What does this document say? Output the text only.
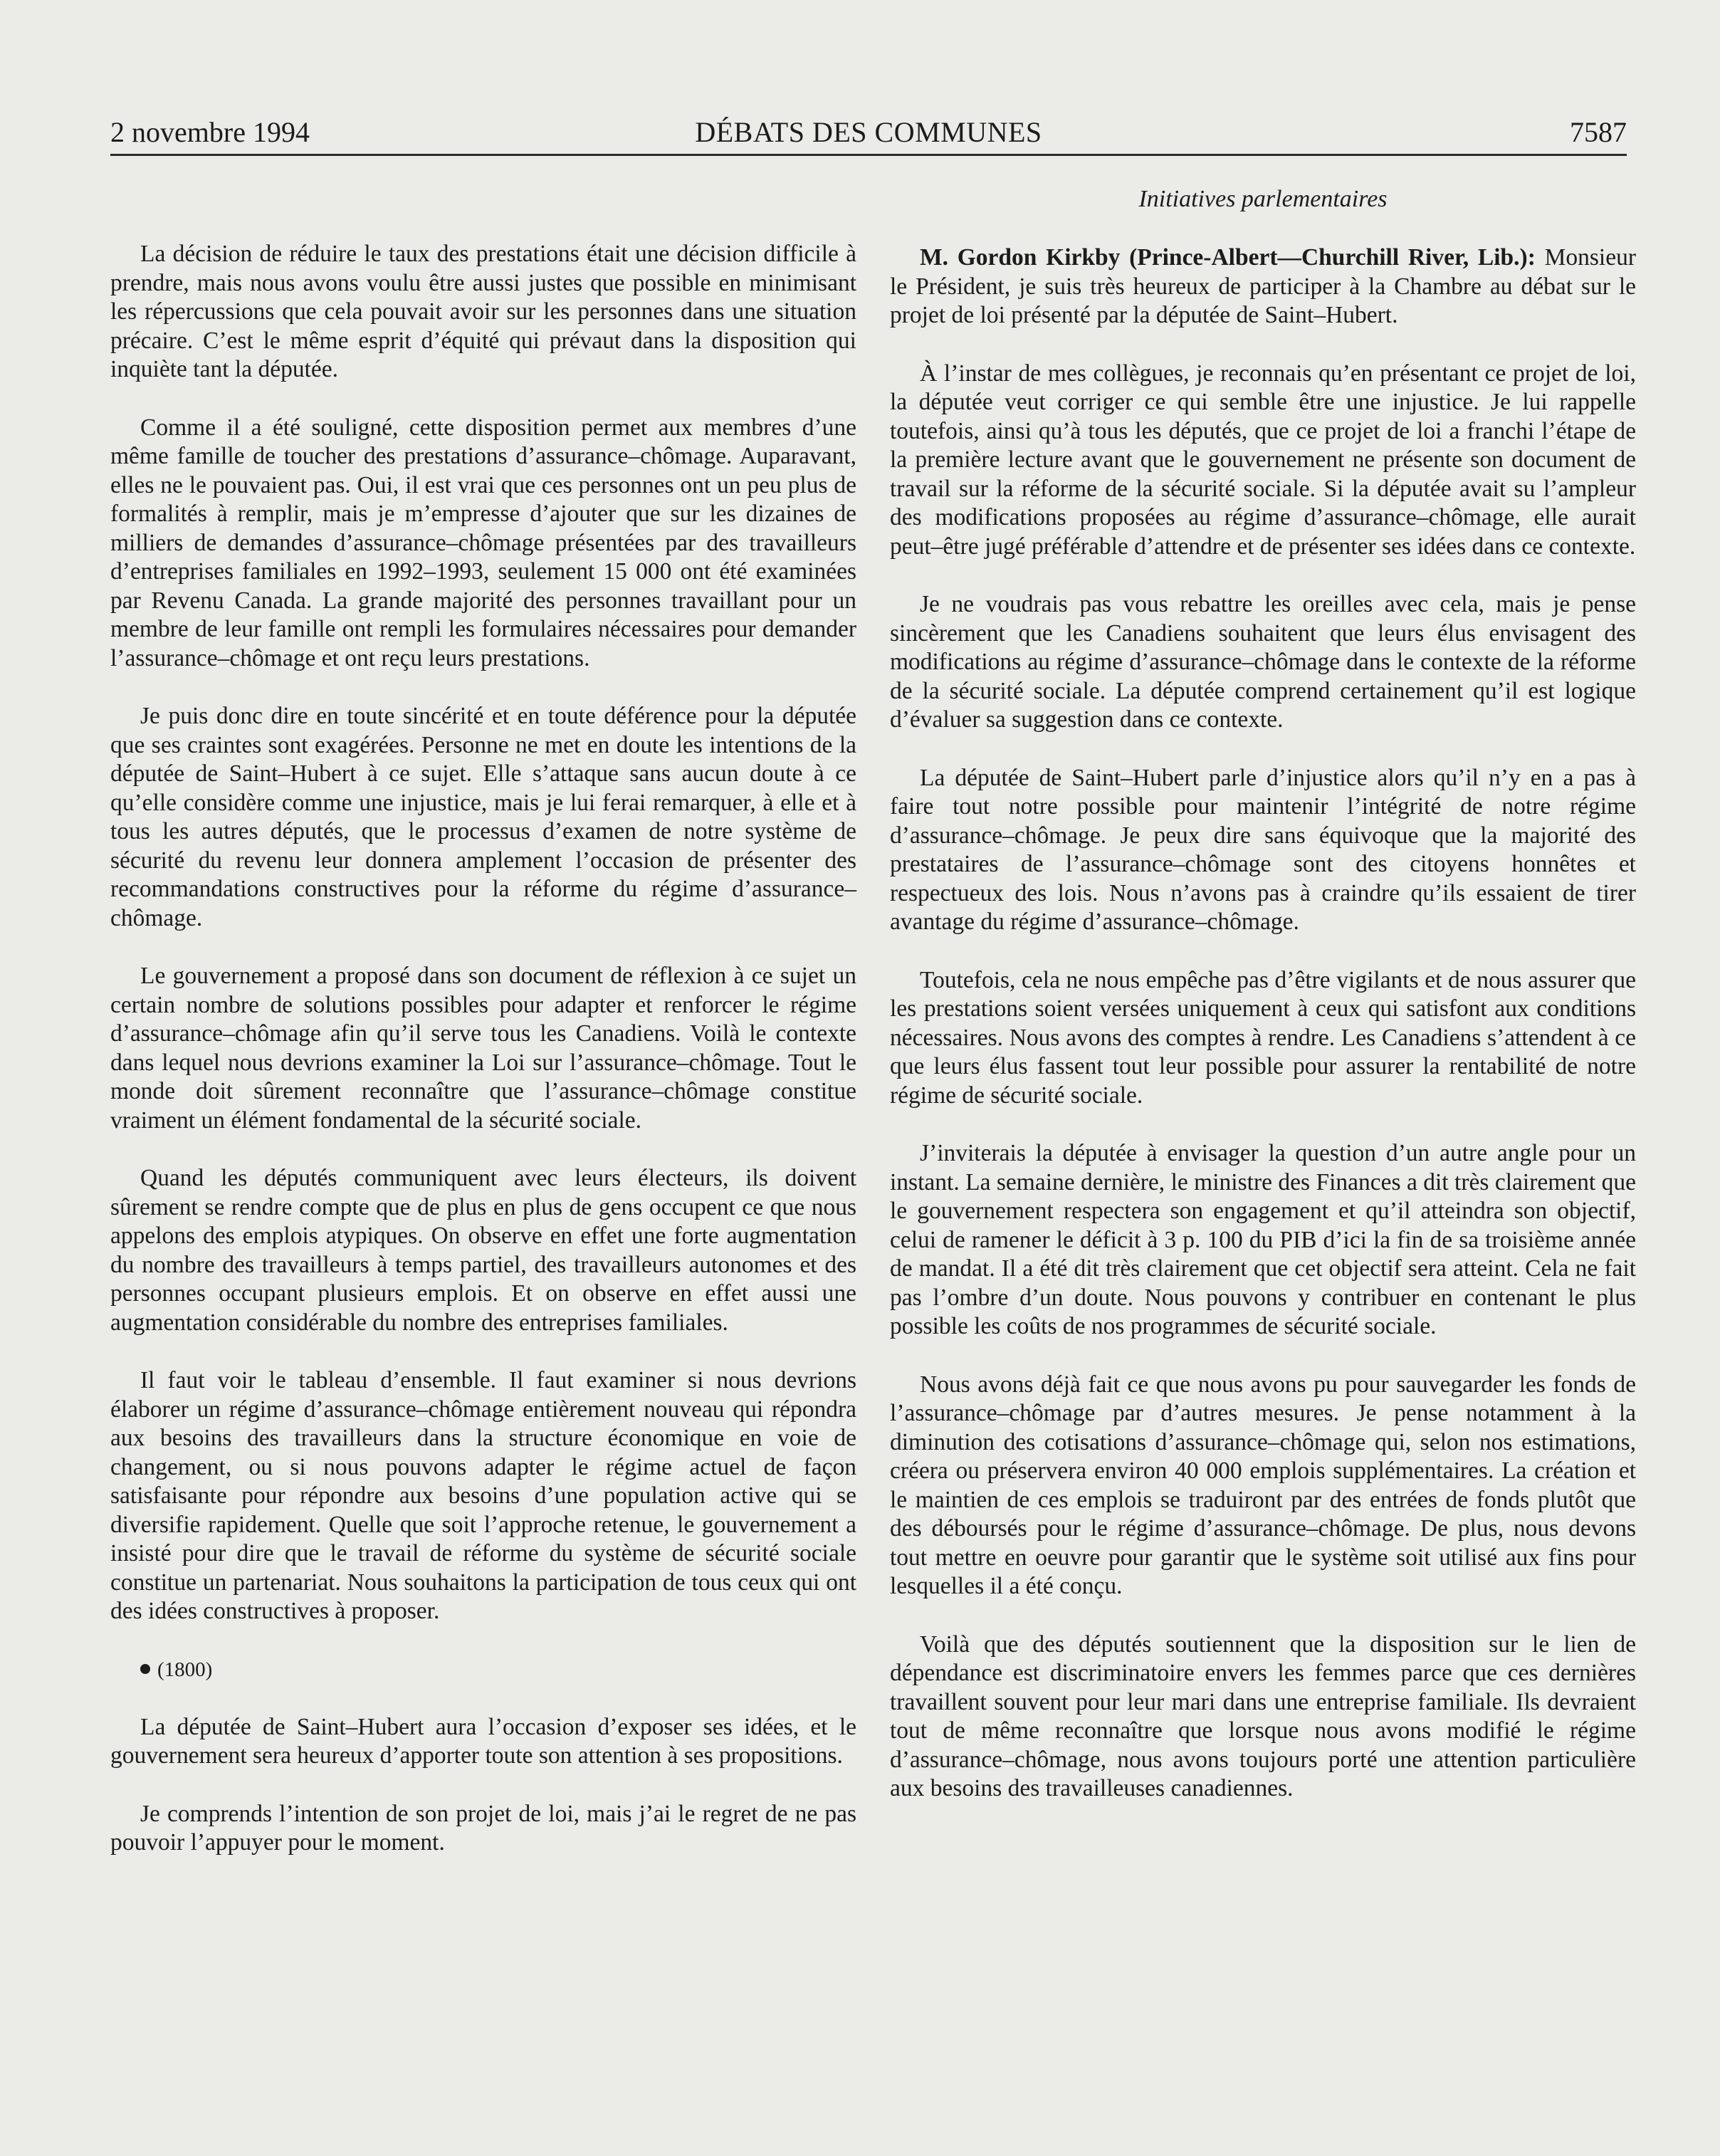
2 novembre 1994	DÉBATS DES COMMUNES	7587

La décision de réduire le taux des prestations était une décision difficile à prendre, mais nous avons voulu être aussi justes que possible en minimisant les répercussions que cela pouvait avoir sur les personnes dans une situation précaire. C’est le même esprit d’équité qui prévaut dans la disposition qui inquiète tant la députée.

Comme il a été souligné, cette disposition permet aux membres d’une même famille de toucher des prestations d’assurance–chômage. Auparavant, elles ne le pouvaient pas. Oui, il est vrai que ces personnes ont un peu plus de formalités à remplir, mais je m’empresse d’ajouter que sur les dizaines de milliers de demandes d’assurance–chômage présentées par des travailleurs d’entreprises familiales en 1992–1993, seulement 15 000 ont été examinées par Revenu Canada. La grande majorité des personnes travaillant pour un membre de leur famille ont rempli les formulaires nécessaires pour demander l’assurance–chômage et ont reçu leurs prestations.

Je puis donc dire en toute sincérité et en toute déférence pour la députée que ses craintes sont exagérées. Personne ne met en doute les intentions de la députée de Saint–Hubert à ce sujet. Elle s’attaque sans aucun doute à ce qu’elle considère comme une injustice, mais je lui ferai remarquer, à elle et à tous les autres députés, que le processus d’examen de notre système de sécurité du revenu leur donnera amplement l’occasion de présenter des recommandations constructives pour la réforme du régime d’assurance–chômage.

Le gouvernement a proposé dans son document de réflexion à ce sujet un certain nombre de solutions possibles pour adapter et renforcer le régime d’assurance–chômage afin qu’il serve tous les Canadiens. Voilà le contexte dans lequel nous devrions examiner la Loi sur l’assurance–chômage. Tout le monde doit sûrement reconnaître que l’assurance–chômage constitue vraiment un élément fondamental de la sécurité sociale.

Quand les députés communiquent avec leurs électeurs, ils doivent sûrement se rendre compte que de plus en plus de gens occupent ce que nous appelons des emplois atypiques. On observe en effet une forte augmentation du nombre des travailleurs à temps partiel, des travailleurs autonomes et des personnes occupant plusieurs emplois. Et on observe en effet aussi une augmentation considérable du nombre des entreprises familiales.

Il faut voir le tableau d’ensemble. Il faut examiner si nous devrions élaborer un régime d’assurance–chômage entièrement nouveau qui répondra aux besoins des travailleurs dans la structure économique en voie de changement, ou si nous pouvons adapter le régime actuel de façon satisfaisante pour répondre aux besoins d’une population active qui se diversifie rapidement. Quelle que soit l’approche retenue, le gouvernement a insisté pour dire que le travail de réforme du système de sécurité sociale constitue un partenariat. Nous souhaitons la participation de tous ceux qui ont des idées constructives à proposer.

(1800)

La députée de Saint–Hubert aura l’occasion d’exposer ses idées, et le gouvernement sera heureux d’apporter toute son attention à ses propositions.

Je comprends l’intention de son projet de loi, mais j’ai le regret de ne pas pouvoir l’appuyer pour le moment.

Initiatives parlementaires

M. Gordon Kirkby (Prince-Albert—Churchill River, Lib.): Monsieur le Président, je suis très heureux de participer à la Chambre au débat sur le projet de loi présenté par la députée de Saint–Hubert.

À l’instar de mes collègues, je reconnais qu’en présentant ce projet de loi, la députée veut corriger ce qui semble être une injustice. Je lui rappelle toutefois, ainsi qu’à tous les députés, que ce projet de loi a franchi l’étape de la première lecture avant que le gouvernement ne présente son document de travail sur la réforme de la sécurité sociale. Si la députée avait su l’ampleur des modifications proposées au régime d’assurance–chômage, elle aurait peut–être jugé préférable d’attendre et de présenter ses idées dans ce contexte.

Je ne voudrais pas vous rebattre les oreilles avec cela, mais je pense sincèrement que les Canadiens souhaitent que leurs élus envisagent des modifications au régime d’assurance–chômage dans le contexte de la réforme de la sécurité sociale. La députée comprend certainement qu’il est logique d’évaluer sa suggestion dans ce contexte.

La députée de Saint–Hubert parle d’injustice alors qu’il n’y en a pas à faire tout notre possible pour maintenir l’intégrité de notre régime d’assurance–chômage. Je peux dire sans équivoque que la majorité des prestataires de l’assurance–chômage sont des citoyens honnêtes et respectueux des lois. Nous n’avons pas à craindre qu’ils essaient de tirer avantage du régime d’assurance–chômage.

Toutefois, cela ne nous empêche pas d’être vigilants et de nous assurer que les prestations soient versées uniquement à ceux qui satisfont aux conditions nécessaires. Nous avons des comptes à rendre. Les Canadiens s’attendent à ce que leurs élus fassent tout leur possible pour assurer la rentabilité de notre régime de sécurité sociale.

J’inviterais la députée à envisager la question d’un autre angle pour un instant. La semaine dernière, le ministre des Finances a dit très clairement que le gouvernement respectera son engagement et qu’il atteindra son objectif, celui de ramener le déficit à 3 p. 100 du PIB d’ici la fin de sa troisième année de mandat. Il a été dit très clairement que cet objectif sera atteint. Cela ne fait pas l’ombre d’un doute. Nous pouvons y contribuer en contenant le plus possible les coûts de nos programmes de sécurité sociale.

Nous avons déjà fait ce que nous avons pu pour sauvegarder les fonds de l’assurance–chômage par d’autres mesures. Je pense notamment à la diminution des cotisations d’assurance–chômage qui, selon nos estimations, créera ou préservera environ 40 000 emplois supplémentaires. La création et le maintien de ces emplois se traduiront par des entrées de fonds plutôt que des déboursés pour le régime d’assurance–chômage. De plus, nous devons tout mettre en oeuvre pour garantir que le système soit utilisé aux fins pour lesquelles il a été conçu.

Voilà que des députés soutiennent que la disposition sur le lien de dépendance est discriminatoire envers les femmes parce que ces dernières travaillent souvent pour leur mari dans une entreprise familiale. Ils devraient tout de même reconnaître que lorsque nous avons modifié le régime d’assurance–chômage, nous avons toujours porté une attention particulière aux besoins des travailleuses canadiennes.
